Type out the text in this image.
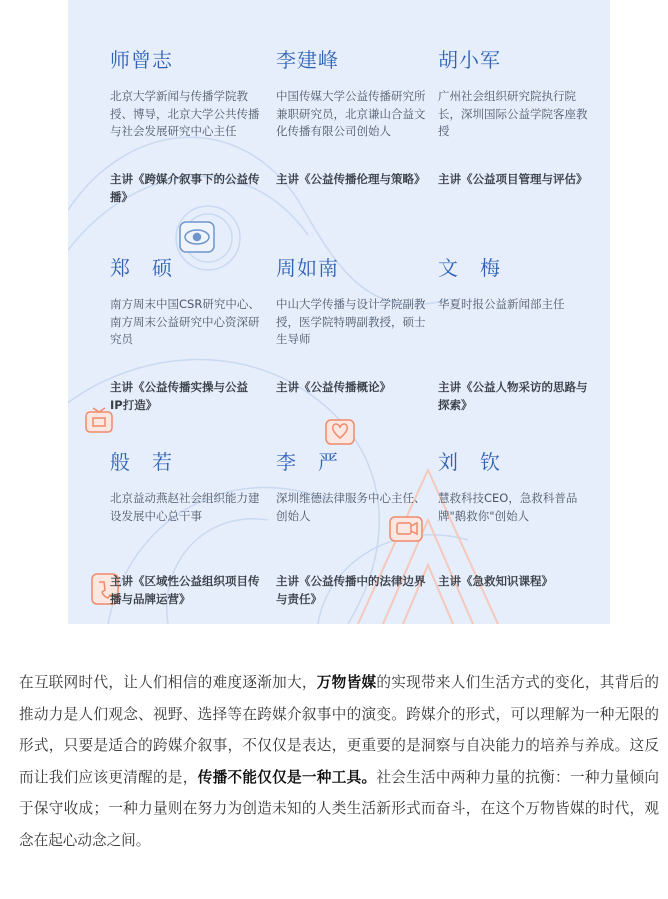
师曾志
北京大学新闻与传播学院教授、博导，北京大学公共传播与社会发展研究中心主任
主讲《跨媒介叙事下的公益传播》
李建峰
中国传媒大学公益传播研究所兼职研究员，北京谦山合益文化传播有限公司创始人
主讲《公益传播伦理与策略》
胡小军
广州社会组织研究院执行院长，深圳国际公益学院客座教授
主讲《公益项目管理与评估》
郑　硕
南方周末中国CSR研究中心、南方周末公益研究中心资深研究员
主讲《公益传播实操与公益IP打造》
周如南
中山大学传播与设计学院副教授，医学院特聘副教授，硕士生导师
主讲《公益传播概论》
文　梅
华夏时报公益新闻部主任
主讲《公益人物采访的思路与探索》
般　若
北京益动燕赵社会组织能力建设发展中心总干事
主讲《区域性公益组织项目传播与品牌运营》
李　严
深圳维德法律服务中心主任、创始人
主讲《公益传播中的法律边界与责任》
刘　钦
慧救科技CEO，急救科普品牌"鹅救你"创始人
主讲《急救知识课程》
在互联网时代，让人们相信的难度逐渐加大，万物皆媒的实现带来人们生活方式的变化，其背后的推动力是人们观念、视野、选择等在跨媒介叙事中的演变。跨媒介的形式，可以理解为一种无限的形式，只要是适合的跨媒介叙事，不仅仅是表达，更重要的是洞察与自决能力的培养与养成。这反而让我们应该更清醒的是，传播不能仅仅是一种工具。社会生活中两种力量的抗衡：一种力量倾向于保守收成；一种力量则在努力为创造未知的人类生活新形式而奋斗，在这个万物皆媒的时代，观念在起心动念之间。
